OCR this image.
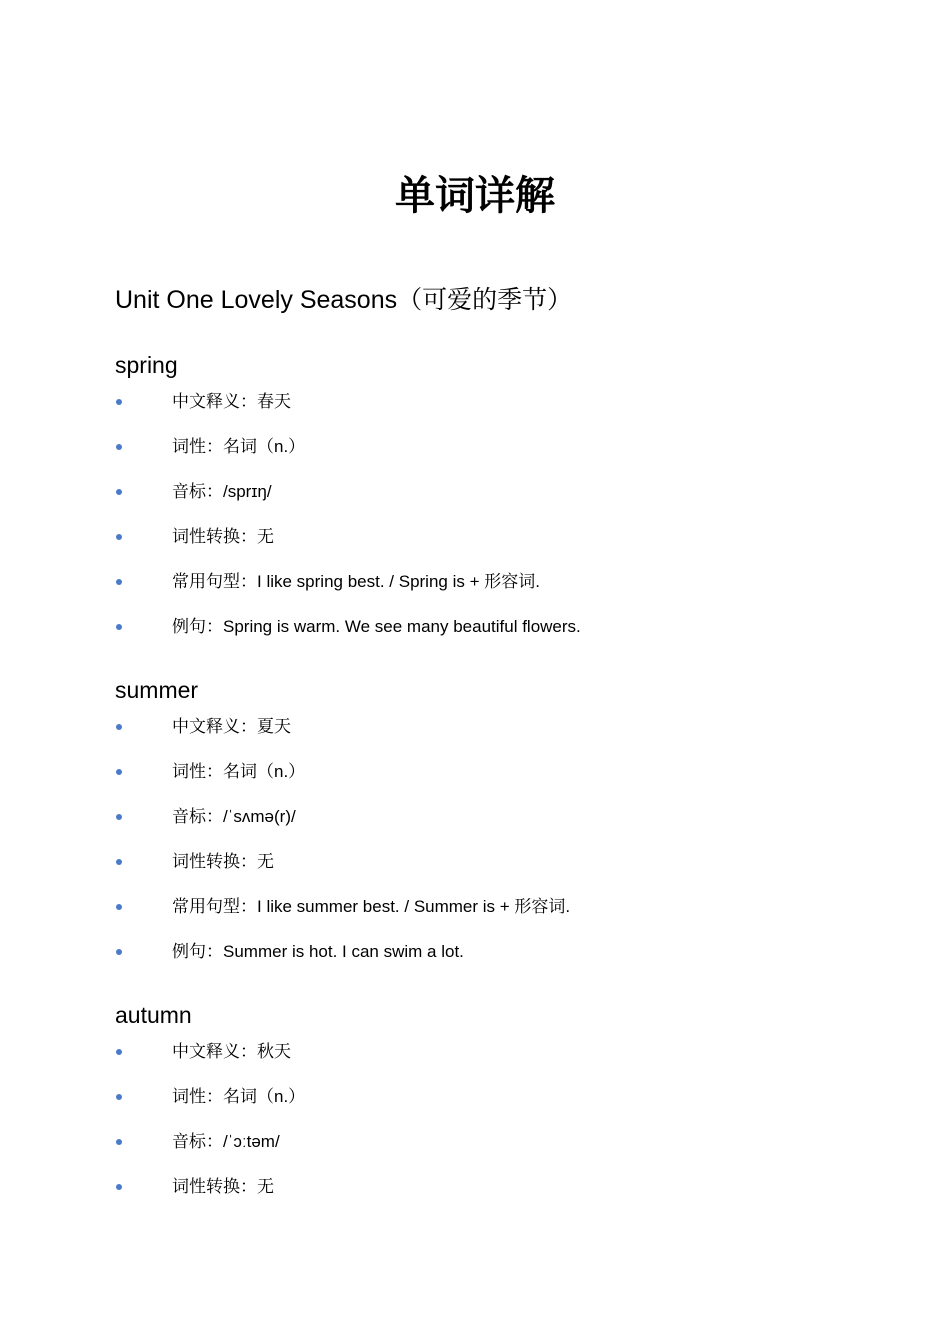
单词详解
Unit One Lovely Seasons（可爱的季节）
spring
中文释义：春天
词性：名词（n.）
音标：/sprɪŋ/
词性转换：无
常用句型：I like spring best. / Spring is + 形容词.
例句：Spring is warm. We see many beautiful flowers.
summer
中文释义：夏天
词性：名词（n.）
音标：/ˈsʌmə(r)/
词性转换：无
常用句型：I like summer best. / Summer is + 形容词.
例句：Summer is hot. I can swim a lot.
autumn
中文释义：秋天
词性：名词（n.）
音标：/ˈɔːtəm/
词性转换：无
